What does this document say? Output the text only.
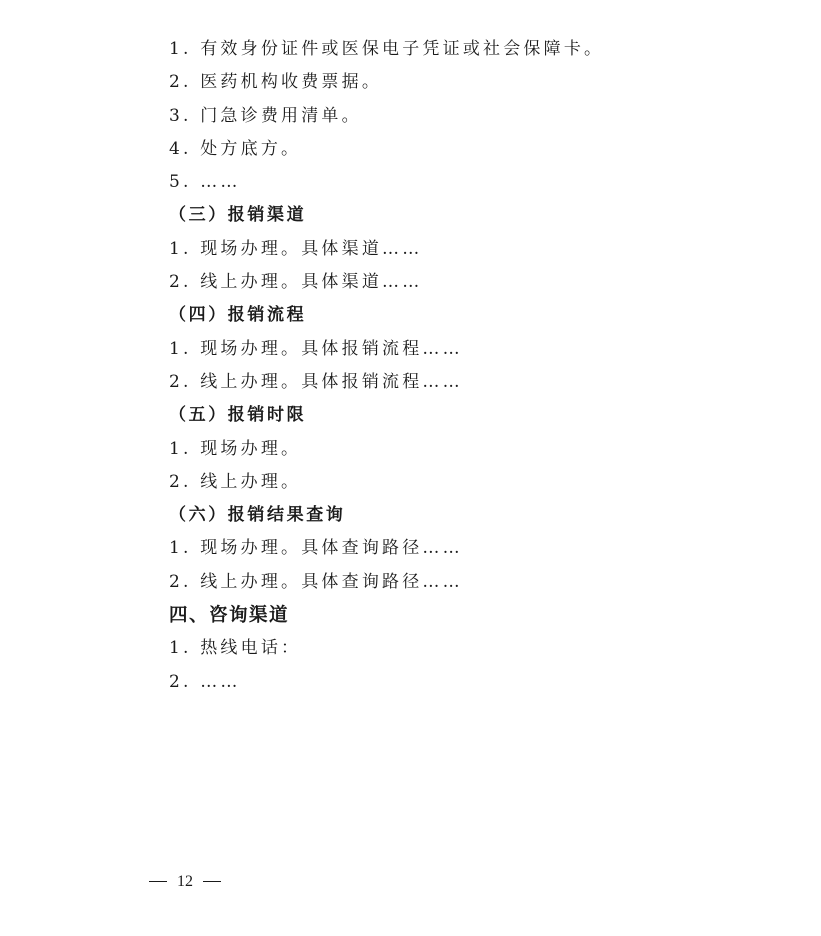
1. 有效身份证件或医保电子凭证或社会保障卡。
2. 医药机构收费票据。
3. 门急诊费用清单。
4. 处方底方。
5. ……
（三）报销渠道
1. 现场办理。具体渠道……
2. 线上办理。具体渠道……
（四）报销流程
1. 现场办理。具体报销流程……
2. 线上办理。具体报销流程……
（五）报销时限
1. 现场办理。
2. 线上办理。
（六）报销结果查询
1. 现场办理。具体查询路径……
2. 线上办理。具体查询路径……
四、咨询渠道
1. 热线电话：
2. ……
12
